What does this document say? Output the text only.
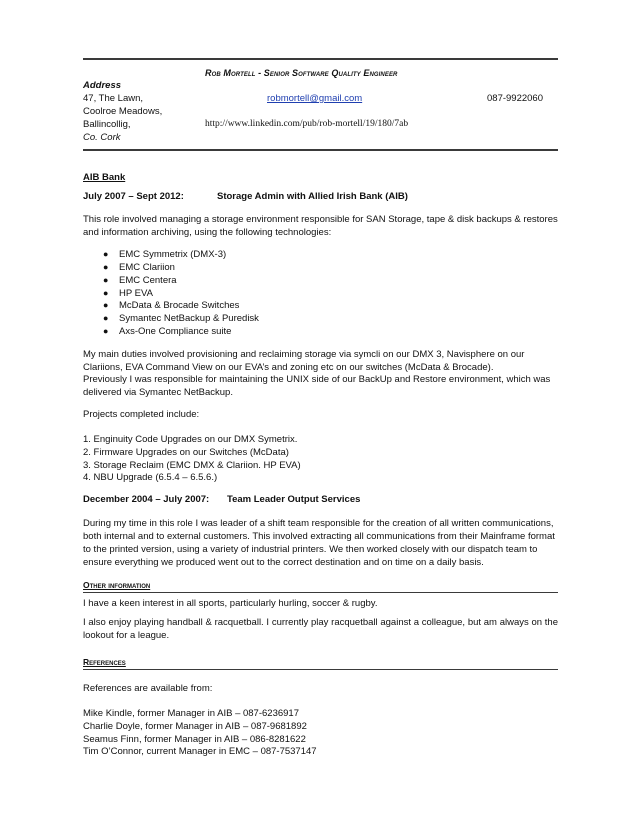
Rob Mortell - Senior Software Quality Engineer
Address
47, The Lawn,
Coolroe Meadows,
Ballincollig,
Co. Cork
robmortell@gmail.com	087-9922060
http://www.linkedin.com/pub/rob-mortell/19/180/7ab
AIB Bank
July 2007 – Sept 2012:	Storage Admin with Allied Irish Bank (AIB)
This role involved managing a storage environment responsible for SAN Storage, tape & disk backups & restores and information archiving, using the following technologies:
● EMC Symmetrix (DMX-3)
● EMC Clariion
● EMC Centera
● HP EVA
● McData & Brocade Switches
● Symantec NetBackup & Puredisk
● Axs-One Compliance suite
My main duties involved provisioning and reclaiming storage via symcli on our DMX 3, Navisphere on our Clariions, EVA Command View on our EVA’s and zoning etc on our switches (McData & Brocade).
Previously I was responsible for maintaining the UNIX side of our BackUp and Restore environment, which was delivered via Symantec NetBackup.
Projects completed include:
1. Enginuity Code Upgrades on our DMX Symetrix.
2. Firmware Upgrades on our Switches (McData)
3. Storage Reclaim (EMC DMX & Clariion. HP EVA)
4. NBU Upgrade (6.5.4 – 6.5.6.)
December 2004 – July 2007: Team Leader Output Services
During my time in this role I was leader of a shift team responsible for the creation of all written communications, both internal and to external customers. This involved extracting all communications from their Mainframe format to the printed version, using a variety of industrial printers. We then worked closely with our dispatch team to ensure everything we produced went out to the correct destination and on time on a daily basis.
Other information
I have a keen interest in all sports, particularly hurling, soccer & rugby.
I also enjoy playing handball & racquetball. I currently play racquetball against a colleague, but am always on the lookout for a league.
References
References are available from:
Mike Kindle, former Manager in AIB – 087-6236917
Charlie Doyle, former Manager in AIB – 087-9681892
Seamus Finn, former Manager in AIB – 086-8281622
Tim O’Connor, current Manager in EMC – 087-7537147
